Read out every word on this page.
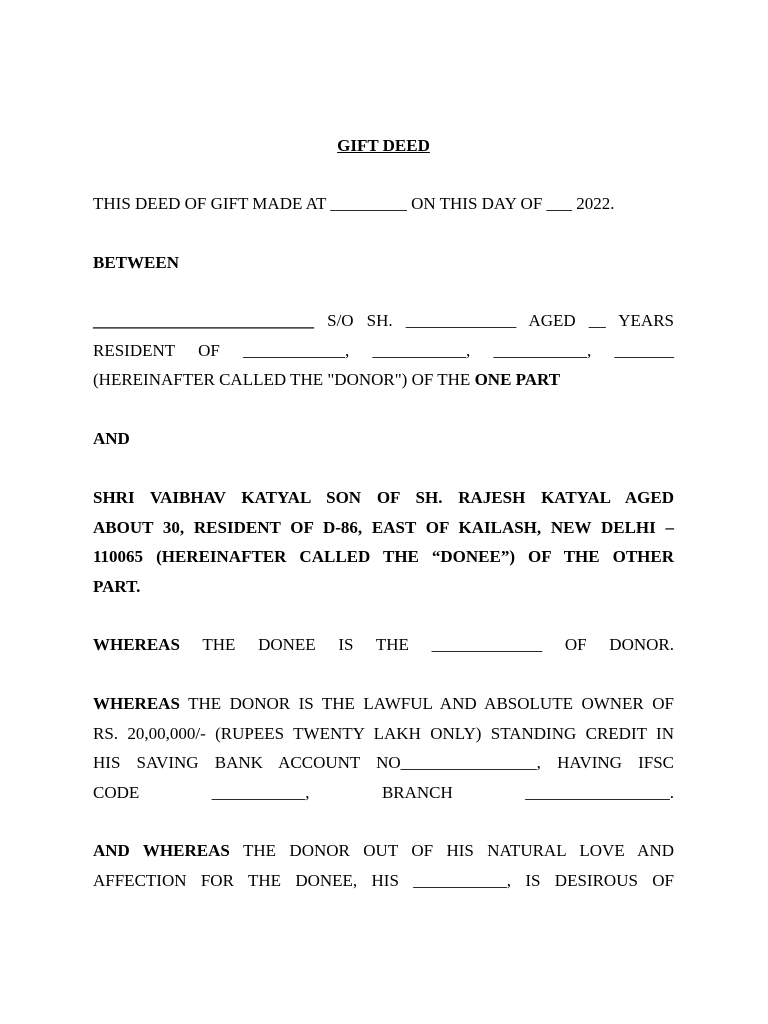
GIFT DEED
THIS DEED OF GIFT MADE AT _________ ON THIS DAY OF ___ 2022.
BETWEEN
__________________________ S/O SH. _____________ AGED __ YEARS
RESIDENT OF ____________, ___________, ___________, _______
(HEREINAFTER CALLED THE "DONOR") OF THE ONE PART
AND
SHRI VAIBHAV KATYAL SON OF SH. RAJESH KATYAL AGED
ABOUT 30, RESIDENT OF D-86, EAST OF KAILASH, NEW DELHI –
110065 (HEREINAFTER CALLED THE “DONEE”) OF THE OTHER
PART.
WHEREAS THE DONEE IS THE _____________ OF DONOR.
WHEREAS THE DONOR IS THE LAWFUL AND ABSOLUTE OWNER OF
RS. 20,00,000/- (RUPEES TWENTY LAKH ONLY) STANDING CREDIT IN
HIS SAVING BANK ACCOUNT NO________________, HAVING IFSC
CODE ___________, BRANCH _________________.
AND WHEREAS THE DONOR OUT OF HIS NATURAL LOVE AND
AFFECTION FOR THE DONEE, HIS ___________, IS DESIROUS OF
